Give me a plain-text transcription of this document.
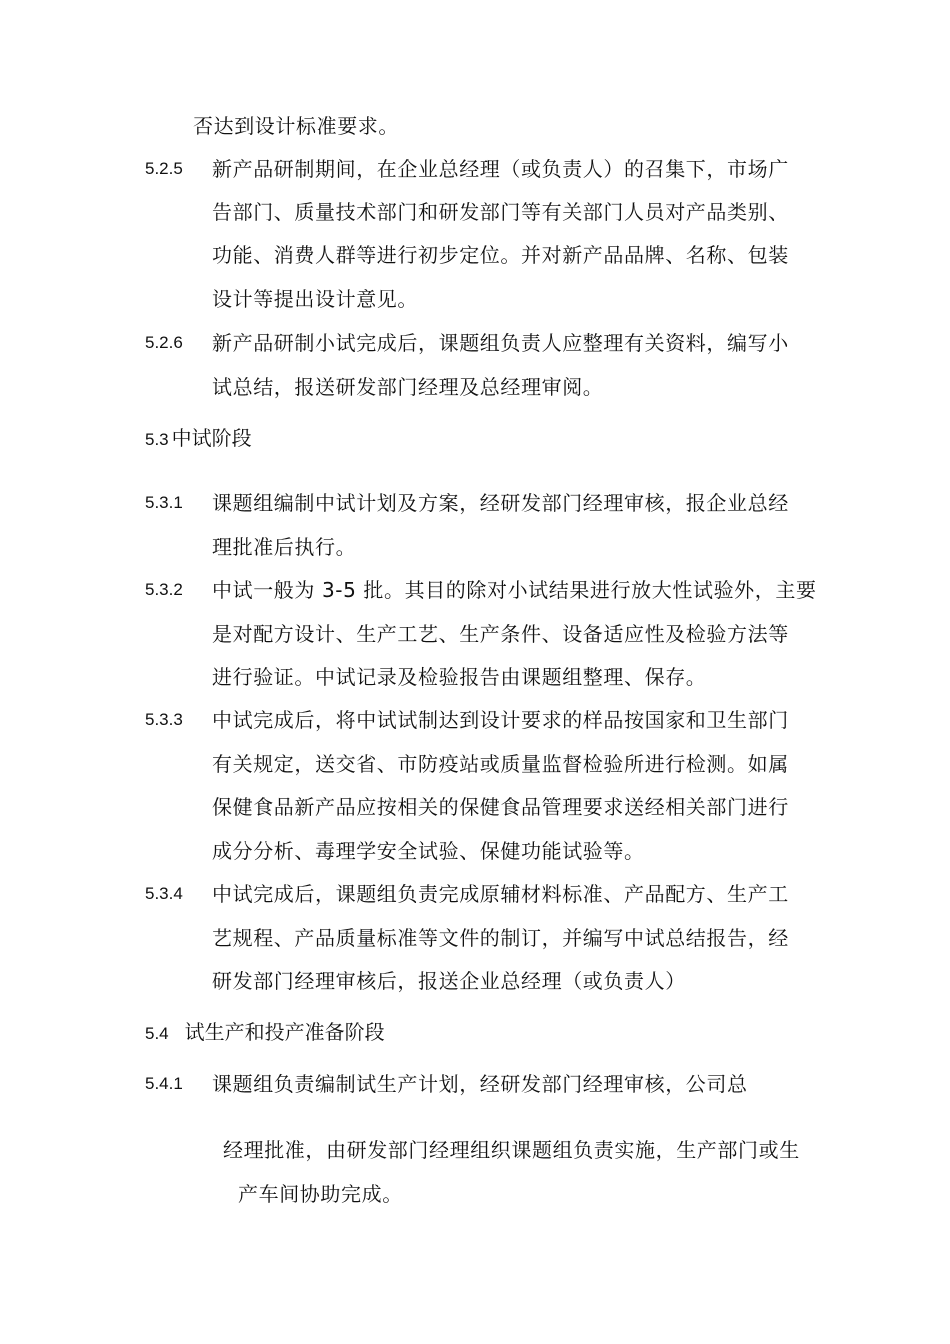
否达到设计标准要求。
5.2.5 新产品研制期间，在企业总经理（或负责人）的召集下，市场广
告部门、质量技术部门和研发部门等有关部门人员对产品类别、
功能、消费人群等进行初步定位。并对新产品品牌、名称、包装
设计等提出设计意见。
5.2.6 新产品研制小试完成后，课题组负责人应整理有关资料，编写小
试总结，报送研发部门经理及总经理审阅。
5.3 中试阶段
5.3.1 课题组编制中试计划及方案，经研发部门经理审核，报企业总经
理批准后执行。
5.3.2 中试一般为 3-5 批。其目的除对小试结果进行放大性试验外，主要
是对配方设计、生产工艺、生产条件、设备适应性及检验方法等
进行验证。中试记录及检验报告由课题组整理、保存。
5.3.3 中试完成后，将中试试制达到设计要求的样品按国家和卫生部门
有关规定，送交省、市防疫站或质量监督检验所进行检测。如属
保健食品新产品应按相关的保健食品管理要求送经相关部门进行
成分分析、毒理学安全试验、保健功能试验等。
5.3.4 中试完成后，课题组负责完成原辅材料标准、产品配方、生产工
艺规程、产品质量标准等文件的制订，并编写中试总结报告，经
研发部门经理审核后，报送企业总经理（或负责人）
5.4 试生产和投产准备阶段
5.4.1 课题组负责编制试生产计划，经研发部门经理审核，公司总
经理批准，由研发部门经理组织课题组负责实施，生产部门或生
产车间协助完成。
